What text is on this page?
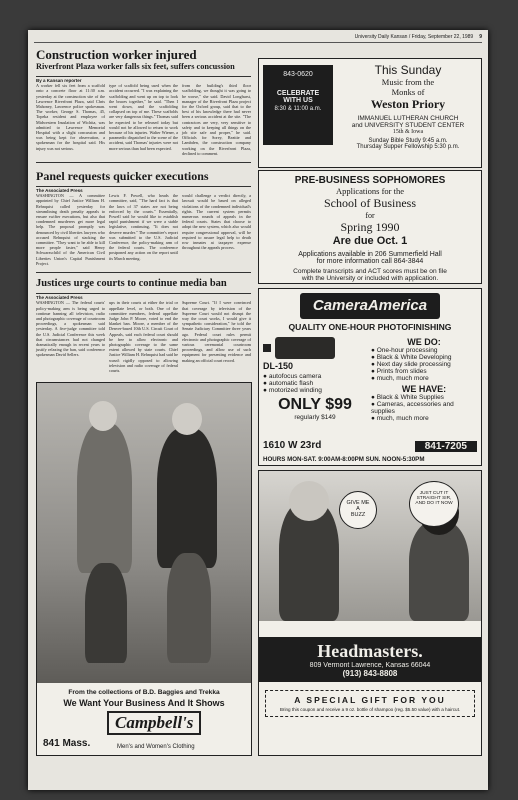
University Daily Kansan / Friday, September 22, 1989 9
Construction worker injured
Riverfront Plaza worker falls six feet, suffers concussion
By a Kansan reporter

A worker fell six feet from a scaffold onto a concrete floor at 11:30 a.m. yesterday at the construction site of the Lawrence Riverfront Plaza, said Chris Mahoney, Lawrence police spokesman. The worker, George S. Thomas, 45, Topeka resident and employee of Midwestern Insulation of Wichita, was admitted to Lawrence Memorial Hospital with a slight concussion and was being kept for observation, a spokesman for the hospital said. His injury was not serious.

type of scaffold being used when the accident occurred. "I was explaining the scaffolding and went up on top to look the braces together," he said. "Then I went down, and the scaffolding collapsed on top of me. These scaffolds are very dangerous things." Thomas said he expected to be released today but would not be allowed to return to work because of his injuries. Walter Wiener, a paramedic dispatched to the scene of the accident, said Thomas' injuries were not more serious than had been expected.

from the building's third floor scaffolding, we thought it was going to be worse," she said. David Longhurst, manager of the Riverfront Plaza project for the Oxford group, said that to the best of his knowledge there had never been a serious accident at the site. "The contractors are very, very sensitive to safety and to keeping all things on the job site safe and proper," he said. Officials for Sorey, Beattie and Lambden, the construction company working on the Riverfront Plaza, declined to comment.

Panel requests quicker executions
The Associated Press

WASHINGTON — A committee appointed by Chief Justice William H. Rehnquist called yesterday for streamlining death penalty appeals to ensure swifter executions, but also that condemned murderers get more legal help. The proposal promptly was denounced by civil liberties lawyers who accused Rehnquist of stacking the committee. "They want to be able to kill more people faster," said Henry Schwarzschild of the American Civil Liberties Union's Capital Punishment Project.

Lewis F. Powell, who heads the committee, said, "The hard fact is that the laws of 37 states are not being enforced by the courts." Essentially, Powell said he would like to establish rapid punishment if we were a stable legislative, continuing, "It does not deserve murder." The committee's report was submitted to the U.S. Judicial Conference, the policy-making arm of the federal courts. The conference postponed any action on the report until its March meeting.

would challenge a verdict directly, a lawsuit would be based on alleged violations of the condemned individual's rights. The current system permits numerous rounds of appeals in the federal courts. States that choose to adopt the new system, which also would require congressional approval, will be required to assure legal help to death row inmates at taxpayer expense throughout the appeals process.

Justices urge courts to continue media ban
The Associated Press

WASHINGTON — The federal courts' policy-making arm is being urged to continue banning all television, radio and photographic coverage of courtroom proceedings, a spokesman said yesterday. A five-judge committee told the U.S. Judicial Conference this week that circumstances had not changed dramatically enough in recent years to justify relaxing the ban, said conference spokesman David Sellers.

ups in their courts at either the trial or appellate level, or both. One of the committee members, federal appellate Judge John P. Moore, voted to end the blanket ban. Moore, a member of the Denver-based 10th U.S. Circuit Court of Appeals, said each federal court should be free to allow electronic and photographic coverage to the same extent allowed by state courts. Chief Justice William H. Rehnquist had said he wasn't rigidly opposed to allowing television and radio coverage of federal courts.

Supreme Court. "If I were convinced that coverage by television of the Supreme Court would not disrupt the way the court works, I would give it sympathetic consideration," he told the Senate Judiciary Committee three years ago. Federal court rules permit electronic and photographic coverage of various ceremonial courtroom proceedings, and allow use of such equipment for presenting evidence and making an official court record.

From the collections of B.D. Baggies and Trekka
We Want Your Business And It Shows
841 Mass.
Campbell's
Men's and Women's Clothing
843-0620
CELEBRATE
WITH US
8:30 & 11:00 a.m.
This Sunday
Music from the
Monks of
Weston Priory
IMMANUEL LUTHERAN CHURCH
and UNIVERSITY STUDENT CENTER
15th & Iowa
Sunday Bible Study 9:45 a.m.
Thursday Supper Fellowship 5:30 p.m.
PRE-BUSINESS SOPHOMORES
Applications for the
School of Business
for
Spring 1990
Are due Oct. 1
Applications available in 206 Summerfield Hall
for more information call 864-3844
Complete transcripts and ACT scores must be on file
with the University or included with application.
CameraAmerica
QUALITY ONE-HOUR PHOTOFINISHING
DL-150
● autofocus camera
● automatic flash
● motorized winding
ONLY $99
regularly $149
WE DO:
● One-hour processing
● Black & White Developing
● Next day slide processing
● Prints from slides
● much, much more
WE HAVE:
● Black & White Supplies
● Cameras, accessories and supplies
● much, much more
1610 W 23rd	841-7205
HOURS MON-SAT. 9:00AM-8:00PM SUN. NOON-5:30PM
GIVE ME
A
BUZZ
JUST CUT IT STRAIGHT SIR, AND DO IT NOW
Headmasters.
809 Vermont Lawrence, Kansas 66044
(913) 843-8808
A SPECIAL GIFT FOR YOU
Bring this coupon and receive a 9 oz. bottle of shampoo (reg. $5.50 value) with a haircut.
